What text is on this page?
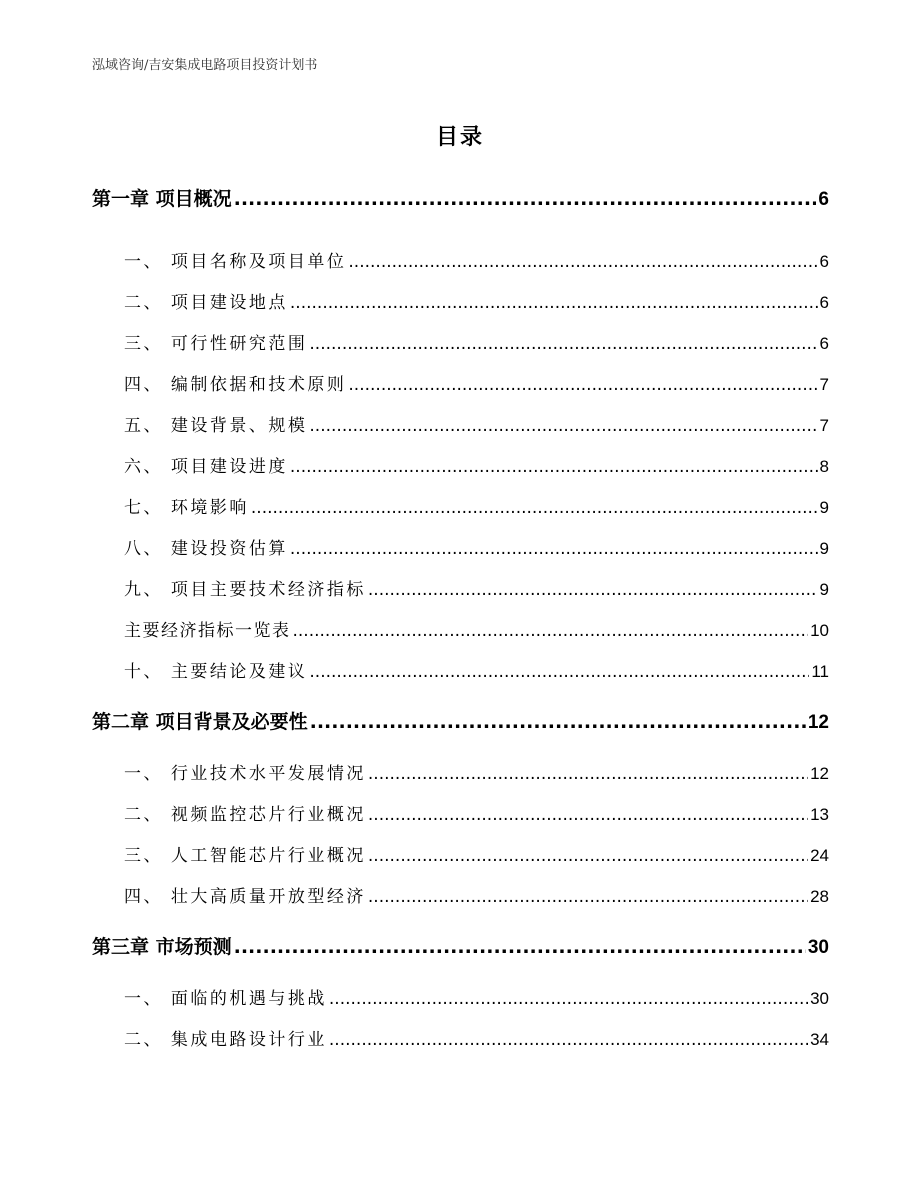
泓域咨询/吉安集成电路项目投资计划书
目录
第一章 项目概况 .....	6
一、 项目名称及项目单位 .....	6
二、 项目建设地点 .....	6
三、 可行性研究范围 .....	6
四、 编制依据和技术原则 .....	7
五、 建设背景、规模 .....	7
六、 项目建设进度 .....	8
七、 环境影响 .....	9
八、 建设投资估算 .....	9
九、 项目主要技术经济指标 .....	9
主要经济指标一览表 .....	10
十、 主要结论及建议 .....	11
第二章 项目背景及必要性 .....	12
一、 行业技术水平发展情况 .....	12
二、 视频监控芯片行业概况 .....	13
三、 人工智能芯片行业概况 .....	24
四、 壮大高质量开放型经济 .....	28
第三章 市场预测 .....	30
一、 面临的机遇与挑战 .....	30
二、 集成电路设计行业 .....	34
